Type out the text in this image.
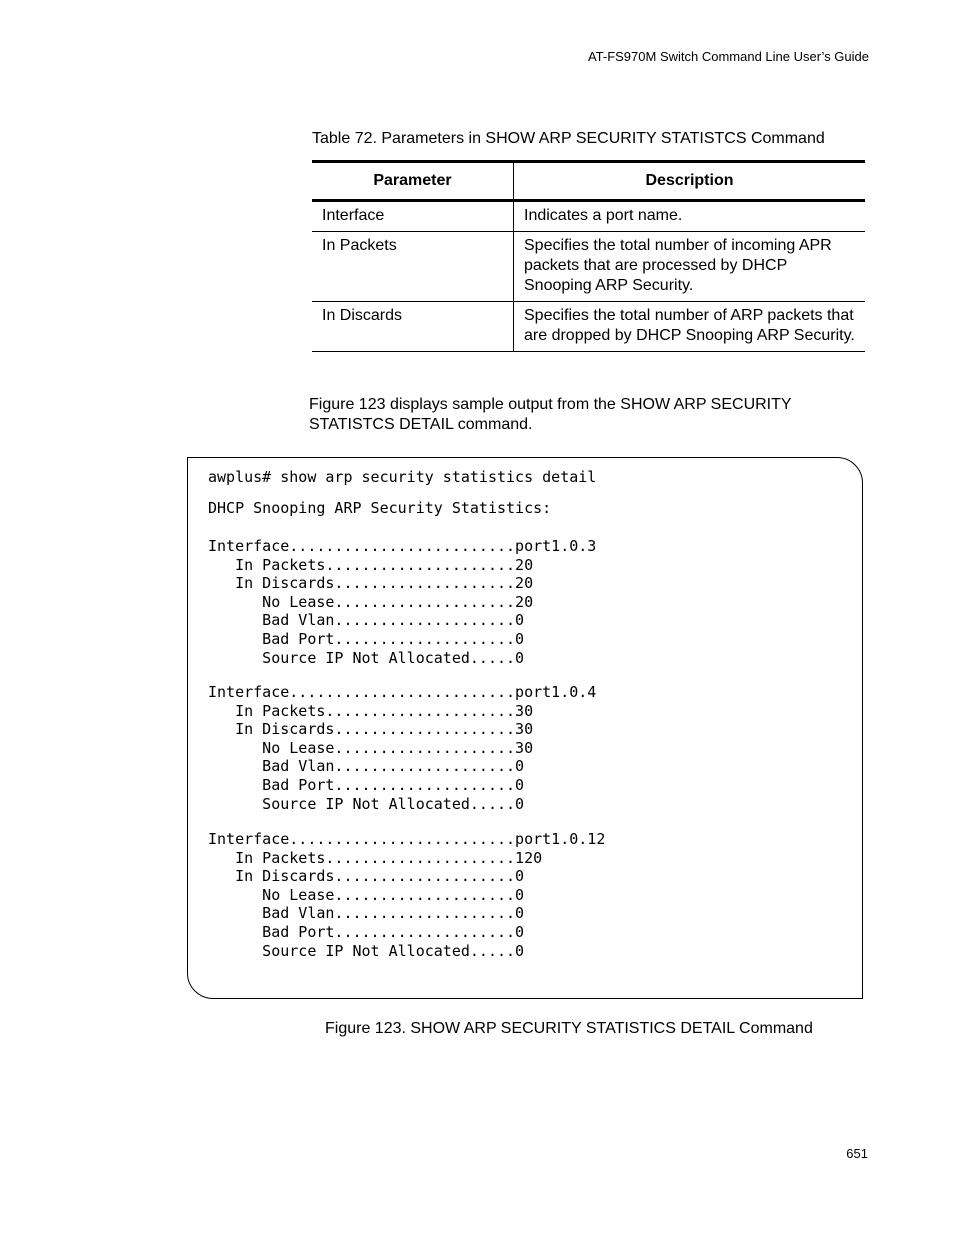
AT-FS970M Switch Command Line User’s Guide
Table 72. Parameters in SHOW ARP SECURITY STATISTCS Command
Parameter	Description
Interface	Indicates a port name.
In Packets	Specifies the total number of incoming APR packets that are processed by DHCP Snooping ARP Security.
In Discards	Specifies the total number of ARP packets that are dropped by DHCP Snooping ARP Security.
Figure 123 displays sample output from the SHOW ARP SECURITY STATISTCS DETAIL command.
awplus# show arp security statistics detail
DHCP Snooping ARP Security Statistics:
Interface.........................port1.0.3
In Packets.....................20
In Discards....................20
No Lease....................20
Bad Vlan....................0
Bad Port....................0
Source IP Not Allocated.....0
Interface.........................port1.0.4
In Packets.....................30
In Discards....................30
No Lease....................30
Bad Vlan....................0
Bad Port....................0
Source IP Not Allocated.....0
Interface.........................port1.0.12
In Packets.....................120
In Discards....................0
No Lease....................0
Bad Vlan....................0
Bad Port....................0
Source IP Not Allocated.....0
Figure 123. SHOW ARP SECURITY STATISTICS DETAIL Command
651
